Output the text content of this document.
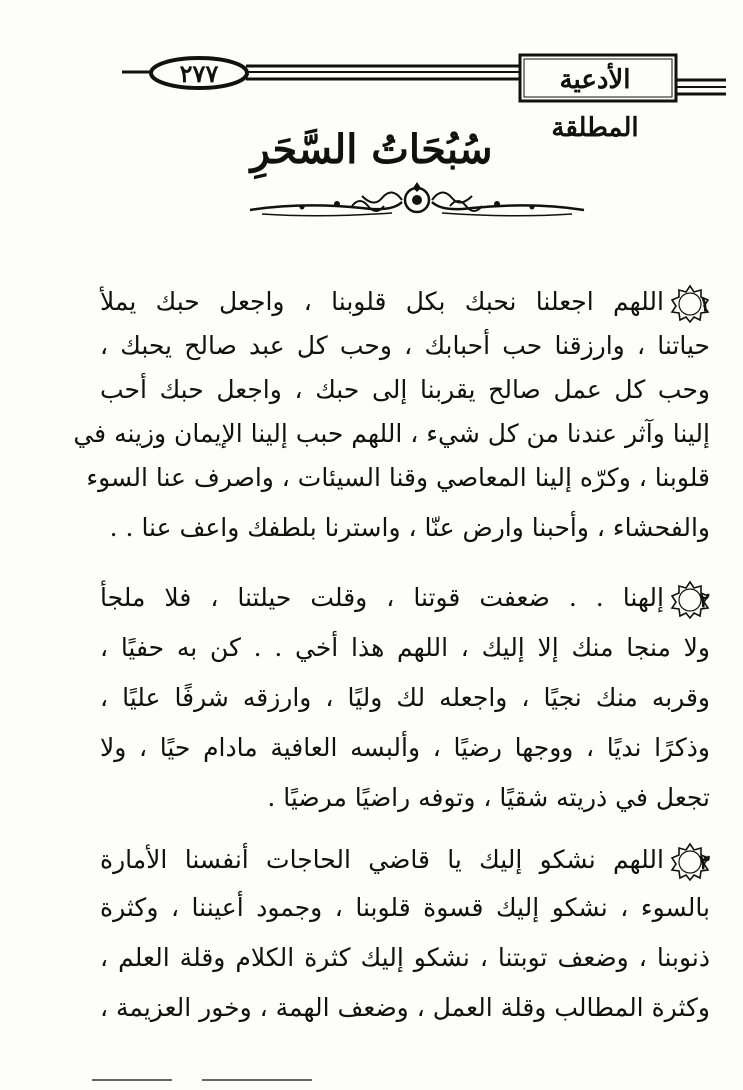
٢٧٧	الأدعية المطلقة
سُبُحَاتُ السَّحَرِ
١
اللهم اجعلنا نحبك بكل قلوبنا ، واجعل حبك يملأ
حياتنا ، وارزقنا حب أحبابك ، وحب كل عبد صالح يحبك ،
وحب كل عمل صالح يقربنا إلى حبك ، واجعل حبك أحب
إلينا وآثر عندنا من كل شيء ، اللهم حبب إلينا الإيمان وزينه في
قلوبنا ، وكرّه إلينا المعاصي وقنا السيئات ، واصرف عنا السوء
والفحشاء ، وأحبنا وارض عنّا ، واسترنا بلطفك واعف عنا . .
٢
إلهنا . . ضعفت قوتنا ، وقلت حيلتنا ، فلا ملجأ
ولا منجا منك إلا إليك ، اللهم هذا أخي . . كن به حفيًا ،
وقربه منك نجيًا ، واجعله لك وليًا ، وارزقه شرفًا عليًا ،
وذكرًا نديًا ، ووجها رضيًا ، وألبسه العافية مادام حيًا ، ولا
تجعل في ذريته شقيًا ، وتوفه راضيًا مرضيًا .
٣
اللهم نشكو إليك يا قاضي الحاجات أنفسنا الأمارة
بالسوء ، نشكو إليك قسوة قلوبنا ، وجمود أعيننا ، وكثرة
ذنوبنا ، وضعف توبتنا ، نشكو إليك كثرة الكلام وقلة العلم ،
وكثرة المطالب وقلة العمل ، وضعف الهمة ، وخور العزيمة ،
